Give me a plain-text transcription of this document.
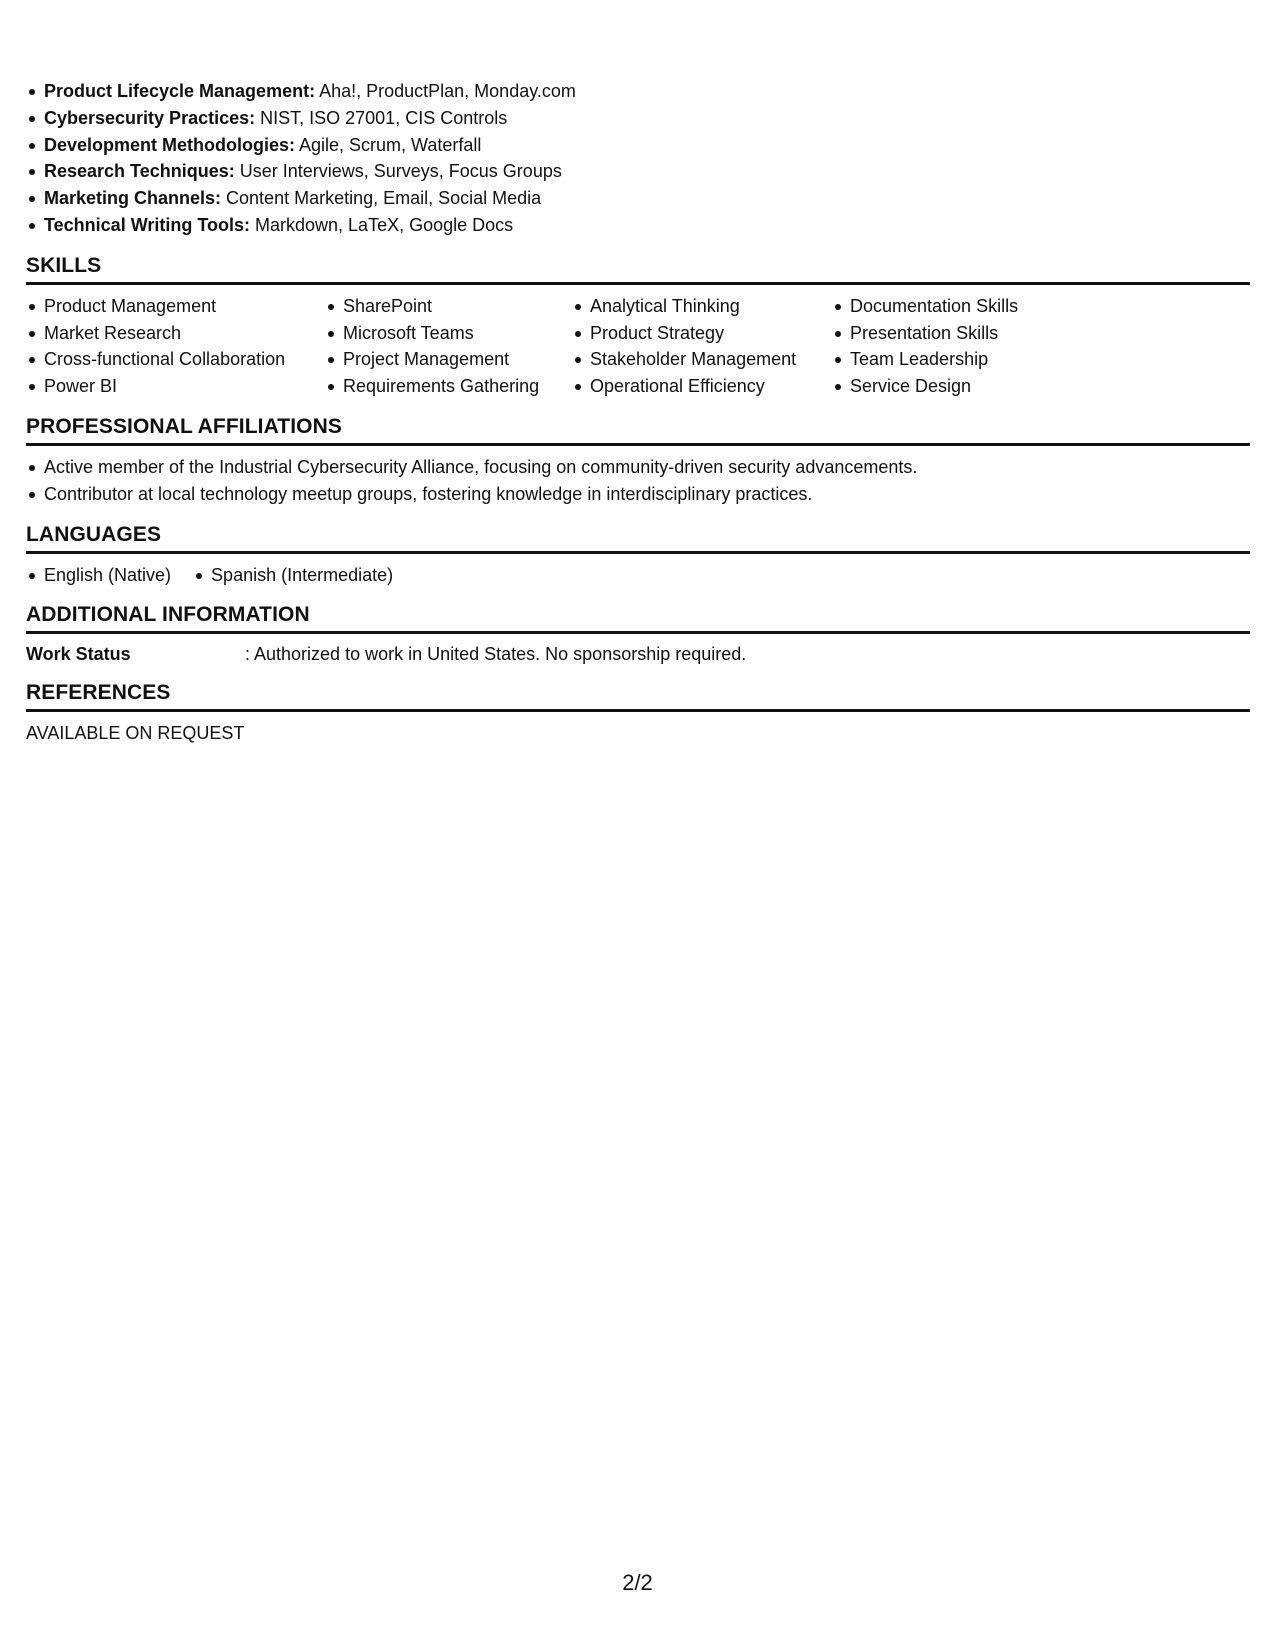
Product Lifecycle Management: Aha!, ProductPlan, Monday.com
Cybersecurity Practices: NIST, ISO 27001, CIS Controls
Development Methodologies: Agile, Scrum, Waterfall
Research Techniques: User Interviews, Surveys, Focus Groups
Marketing Channels: Content Marketing, Email, Social Media
Technical Writing Tools: Markdown, LaTeX, Google Docs
SKILLS
Product Management
Market Research
Cross-functional Collaboration
Power BI
SharePoint
Microsoft Teams
Project Management
Requirements Gathering
Analytical Thinking
Product Strategy
Stakeholder Management
Operational Efficiency
Documentation Skills
Presentation Skills
Team Leadership
Service Design
PROFESSIONAL AFFILIATIONS
Active member of the Industrial Cybersecurity Alliance, focusing on community-driven security advancements.
Contributor at local technology meetup groups, fostering knowledge in interdisciplinary practices.
LANGUAGES
English (Native)	Spanish (Intermediate)
ADDITIONAL INFORMATION
Work Status	: Authorized to work in United States. No sponsorship required.
REFERENCES
AVAILABLE ON REQUEST
2/2
